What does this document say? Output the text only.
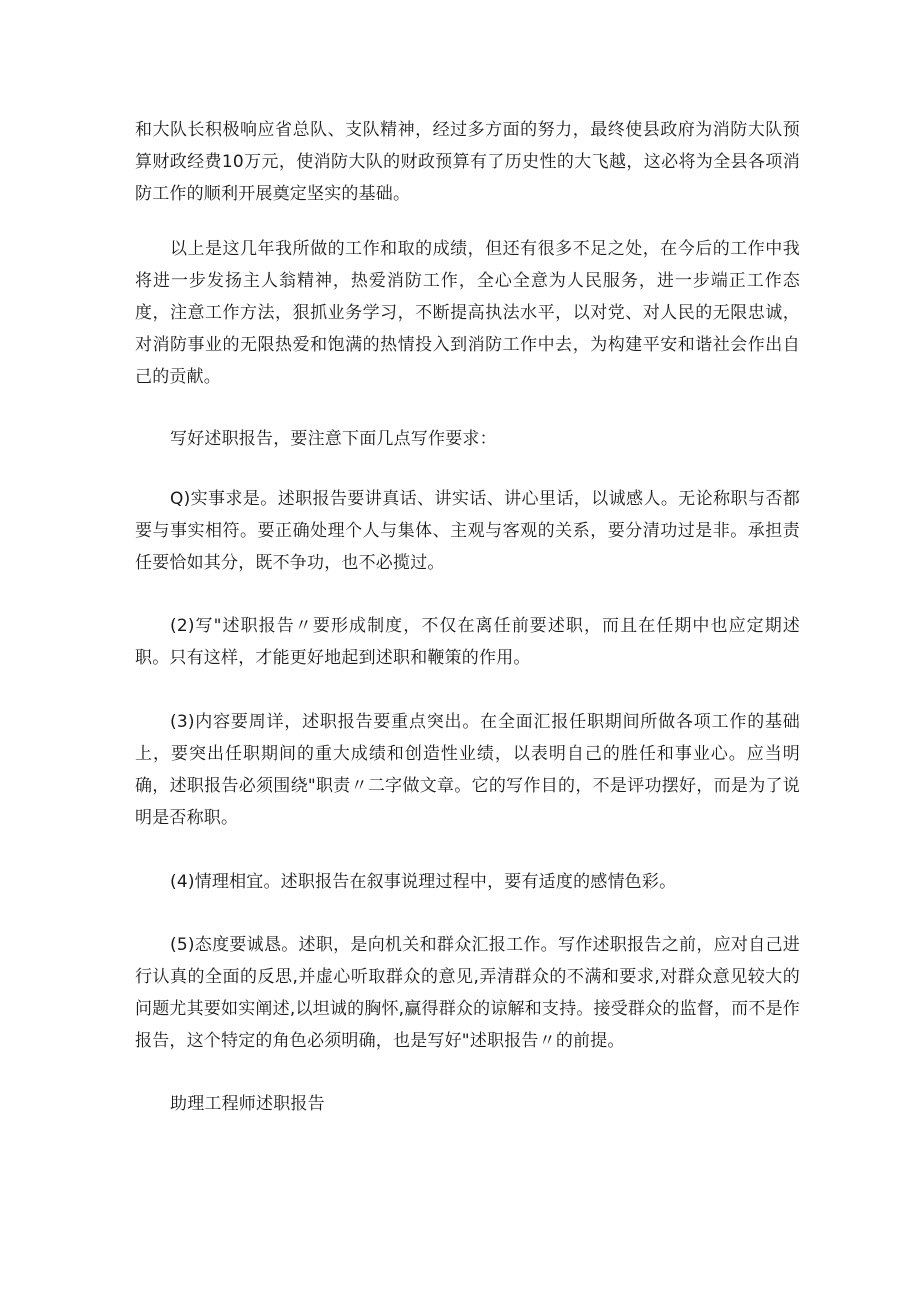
和大队长积极响应省总队、支队精神，经过多方面的努力，最终使县政府为消防大队预算财政经费10万元，使消防大队的财政预算有了历史性的大飞越，这必将为全县各项消防工作的顺利开展奠定坚实的基础。

以上是这几年我所做的工作和取的成绩，但还有很多不足之处，在今后的工作中我将进一步发扬主人翁精神，热爱消防工作，全心全意为人民服务，进一步端正工作态度，注意工作方法，狠抓业务学习，不断提高执法水平，以对党、对人民的无限忠诚，对消防事业的无限热爱和饱满的热情投入到消防工作中去，为构建平安和谐社会作出自己的贡献。

写好述职报告，要注意下面几点写作要求：

Q)实事求是。述职报告要讲真话、讲实话、讲心里话，以诚感人。无论称职与否都要与事实相符。要正确处理个人与集体、主观与客观的关系，要分清功过是非。承担责任要恰如其分，既不争功，也不必揽过。

(2)写"述职报告〃要形成制度，不仅在离任前要述职，而且在任期中也应定期述职。只有这样，才能更好地起到述职和鞭策的作用。

(3)内容要周详，述职报告要重点突出。在全面汇报任职期间所做各项工作的基础上，要突出任职期间的重大成绩和创造性业绩，以表明自己的胜任和事业心。应当明确，述职报告必须围绕"职责〃二字做文章。它的写作目的，不是评功摆好，而是为了说明是否称职。

(4)情理相宜。述职报告在叙事说理过程中，要有适度的感情色彩。

(5)态度要诚恳。述职，是向机关和群众汇报工作。写作述职报告之前，应对自己进行认真的全面的反思,并虚心听取群众的意见,弄清群众的不满和要求,对群众意见较大的问题尤其要如实阐述,以坦诚的胸怀,赢得群众的谅解和支持。接受群众的监督，而不是作报告，这个特定的角色必须明确，也是写好"述职报告〃的前提。

助理工程师述职报告
